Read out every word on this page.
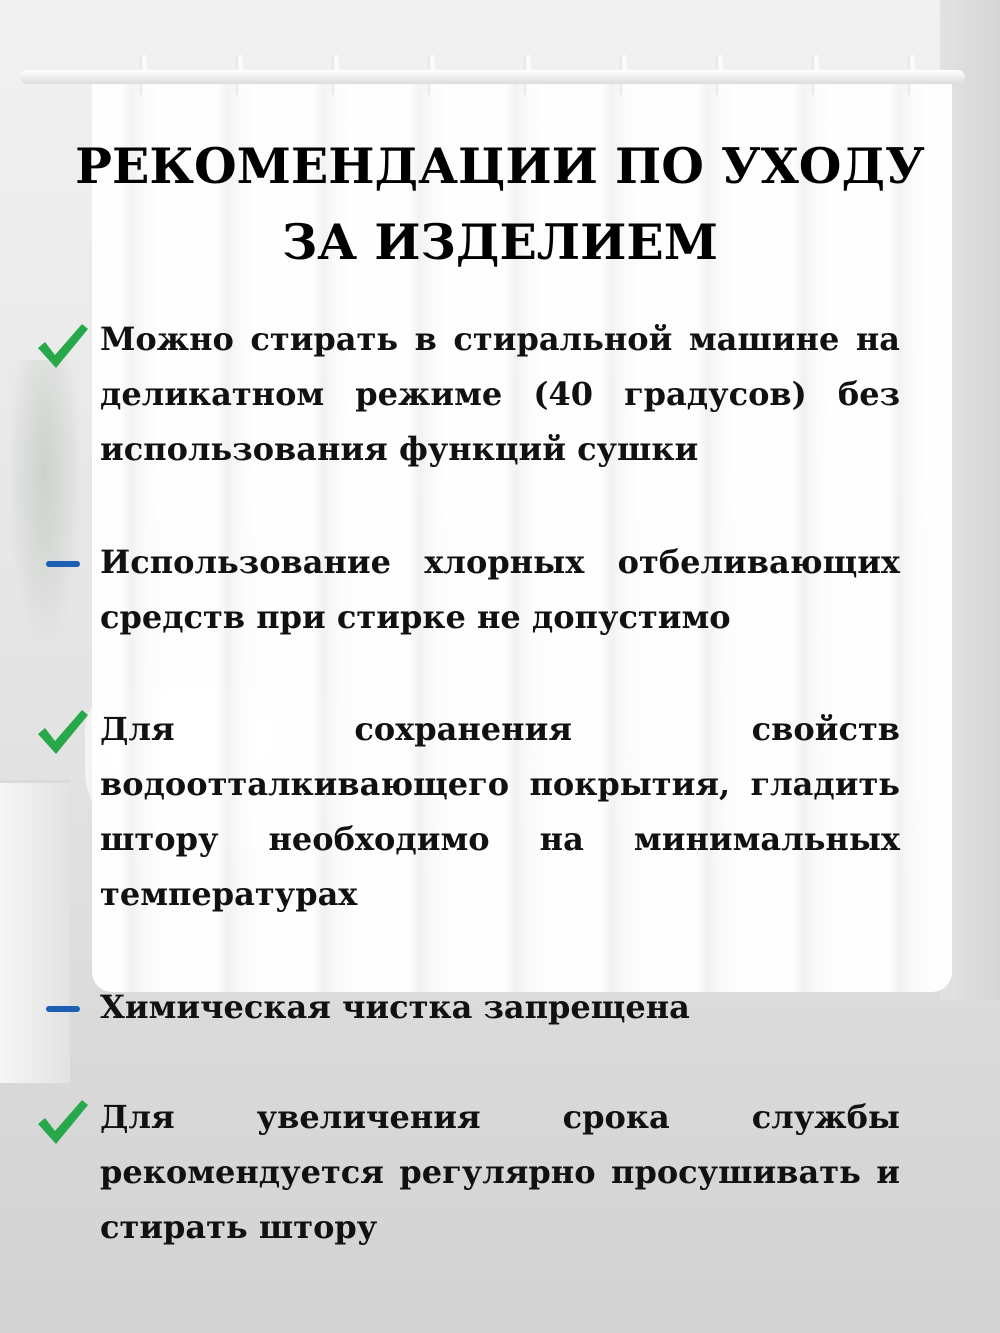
РЕКОМЕНДАЦИИ ПО УХОДУ ЗА ИЗДЕЛИЕМ

Можно стирать в стиральной машине на деликатном режиме (40 градусов) без использования функций сушки

Использование хлорных отбеливающих средств при стирке не допустимо

Для сохранения свойств водоотталкивающего покрытия, гладить штору необходимо на минимальных температурах

Химическая чистка запрещена

Для увеличения срока службы рекомендуется регулярно просушивать и стирать штору
